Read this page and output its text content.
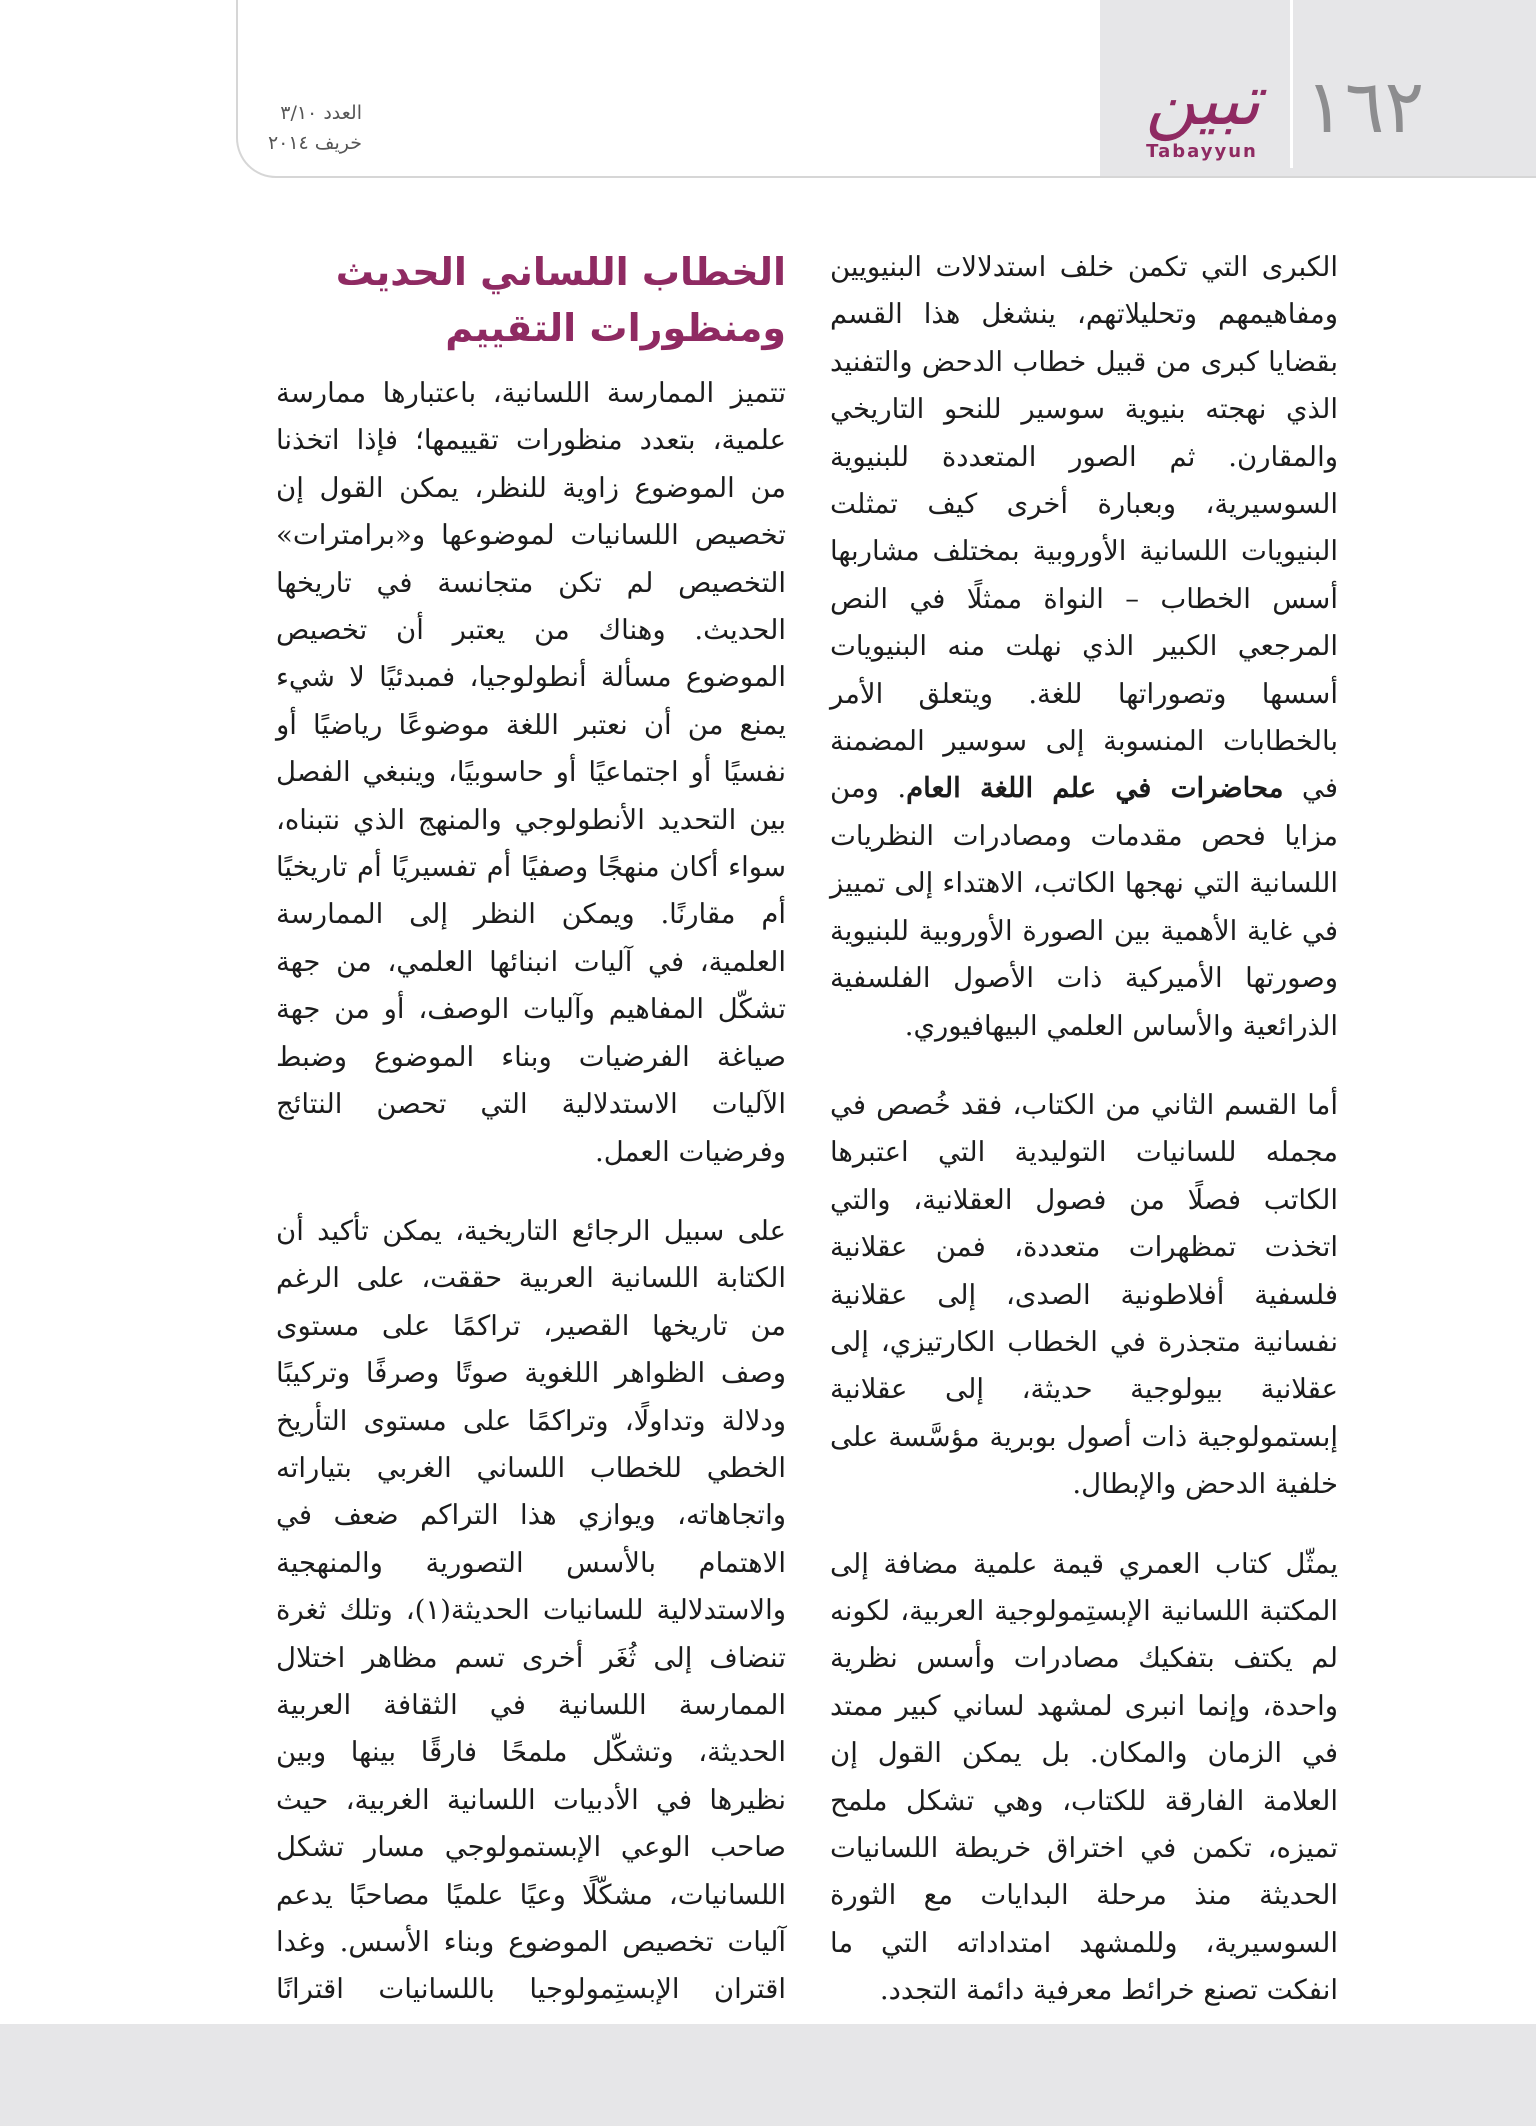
١٦٢
تبين
Tabayyun
العدد ٣/١٠
خريف ٢٠١٤

الكبرى التي تكمن خلف استدلالات البنيويين ومفاهيمهم وتحليلاتهم، ينشغل هذا القسم بقضايا كبرى من قبيل خطاب الدحض والتفنيد الذي نهجته بنيوية سوسير للنحو التاريخي والمقارن. ثم الصور المتعددة للبنيوية السوسيرية، وبعبارة أخرى كيف تمثلت البنيويات اللسانية الأوروبية بمختلف مشاربها أسس الخطاب – النواة ممثلًا في النص المرجعي الكبير الذي نهلت منه البنيويات أسسها وتصوراتها للغة. ويتعلق الأمر بالخطابات المنسوبة إلى سوسير المضمنة في محاضرات في علم اللغة العام. ومن مزايا فحص مقدمات ومصادرات النظريات اللسانية التي نهجها الكاتب، الاهتداء إلى تمييز في غاية الأهمية بين الصورة الأوروبية للبنيوية وصورتها الأميركية ذات الأصول الفلسفية الذرائعية والأساس العلمي البيهافيوري.

أما القسم الثاني من الكتاب، فقد خُصص في مجمله للسانيات التوليدية التي اعتبرها الكاتب فصلًا من فصول العقلانية، والتي اتخذت تمظهرات متعددة، فمن عقلانية فلسفية أفلاطونية الصدى، إلى عقلانية نفسانية متجذرة في الخطاب الكارتيزي، إلى عقلانية بيولوجية حديثة، إلى عقلانية إبستمولوجية ذات أصول بوبرية مؤسَّسة على خلفية الدحض والإبطال.

يمثّل كتاب العمري قيمة علمية مضافة إلى المكتبة اللسانية الإبستِمولوجية العربية، لكونه لم يكتف بتفكيك مصادرات وأسس نظرية واحدة، وإنما انبرى لمشهد لساني كبير ممتد في الزمان والمكان. بل يمكن القول إن العلامة الفارقة للكتاب، وهي تشكل ملمح تميزه، تكمن في اختراق خريطة اللسانيات الحديثة منذ مرحلة البدايات مع الثورة السوسيرية، وللمشهد امتداداته التي ما انفكت تصنع خرائط معرفية دائمة التجدد.

الخطاب اللساني الحديث
ومنظورات التقييم

تتميز الممارسة اللسانية، باعتبارها ممارسة علمية، بتعدد منظورات تقييمها؛ فإذا اتخذنا من الموضوع زاوية للنظر، يمكن القول إن تخصيص اللسانيات لموضوعها و«برامترات» التخصيص لم تكن متجانسة في تاريخها الحديث. وهناك من يعتبر أن تخصيص الموضوع مسألة أنطولوجيا، فمبدئيًا لا شيء يمنع من أن نعتبر اللغة موضوعًا رياضيًا أو نفسيًا أو اجتماعيًا أو حاسوبيًا، وينبغي الفصل بين التحديد الأنطولوجي والمنهج الذي نتبناه، سواء أكان منهجًا وصفيًا أم تفسيريًا أم تاريخيًا أم مقارنًا. ويمكن النظر إلى الممارسة العلمية، في آليات انبنائها العلمي، من جهة تشكّل المفاهيم وآليات الوصف، أو من جهة صياغة الفرضيات وبناء الموضوع وضبط الآليات الاستدلالية التي تحصن النتائج وفرضيات العمل.

على سبيل الرجائع التاريخية، يمكن تأكيد أن الكتابة اللسانية العربية حققت، على الرغم من تاريخها القصير، تراكمًا على مستوى وصف الظواهر اللغوية صوتًا وصرفًا وتركيبًا ودلالة وتداولًا، وتراكمًا على مستوى التأريخ الخطي للخطاب اللساني الغربي بتياراته واتجاهاته، ويوازي هذا التراكم ضعف في الاهتمام بالأسس التصورية والمنهجية والاستدلالية للسانيات الحديثة(١)، وتلك ثغرة تنضاف إلى ثُغَر أخرى تسم مظاهر اختلال الممارسة اللسانية في الثقافة العربية الحديثة، وتشكّل ملمحًا فارقًا بينها وبين نظيرها في الأدبيات اللسانية الغربية، حيث صاحب الوعي الإبستمولوجي مسار تشكل اللسانيات، مشكّلًا وعيًا علميًا مصاحبًا يدعم آليات تخصيص الموضوع وبناء الأسس. وغدا اقتران الإبستِمولوجيا باللسانيات اقترانًا
